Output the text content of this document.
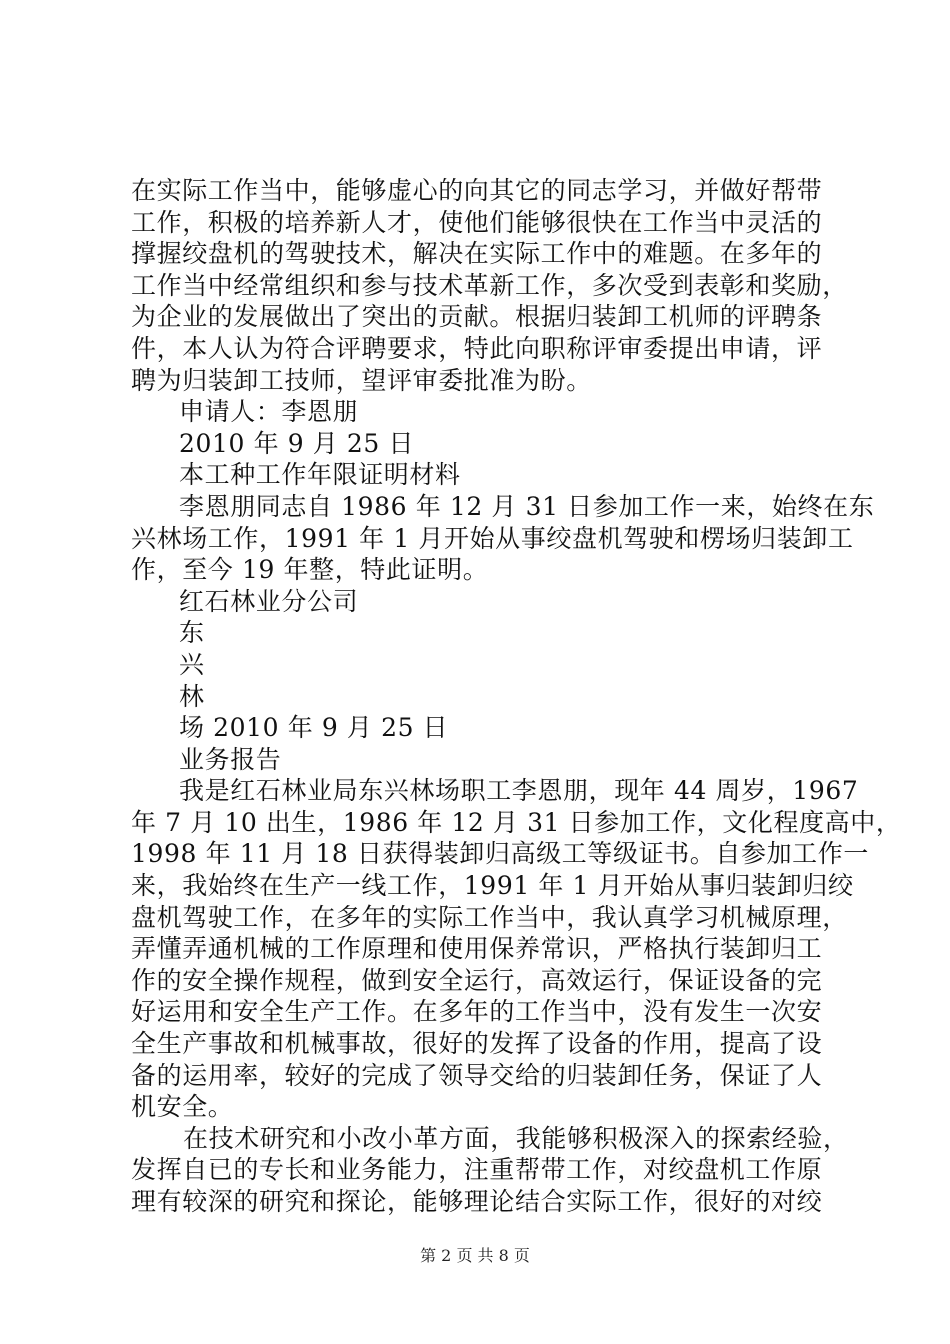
在实际工作当中，能够虚心的向其它的同志学习，并做好帮带
工作，积极的培养新人才，使他们能够很快在工作当中灵活的
撑握绞盘机的驾驶技术，解决在实际工作中的难题。在多年的
工作当中经常组织和参与技术革新工作，多次受到表彰和奖励，
为企业的发展做出了突出的贡献。根据归装卸工机师的评聘条
件，本人认为符合评聘要求，特此向职称评审委提出申请，评
聘为归装卸工技师，望评审委批准为盼。
申请人：李恩朋
2010 年 9 月 25 日
本工种工作年限证明材料
李恩朋同志自 1986 年 12 月 31 日参加工作一来，始终在东
兴林场工作，1991 年 1 月开始从事绞盘机驾驶和楞场归装卸工
作，至今 19 年整，特此证明。
红石林业分公司
东
兴
林
场 2010 年 9 月 25 日
业务报告
我是红石林业局东兴林场职工李恩朋，现年 44 周岁，1967
年 7 月 10 出生，1986 年 12 月 31 日参加工作，文化程度高中，
1998 年 11 月 18 日获得装卸归高级工等级证书。自参加工作一
来，我始终在生产一线工作，1991 年 1 月开始从事归装卸归绞
盘机驾驶工作，在多年的实际工作当中，我认真学习机械原理，
弄懂弄通机械的工作原理和使用保养常识，严格执行装卸归工
作的安全操作规程，做到安全运行，高效运行，保证设备的完
好运用和安全生产工作。在多年的工作当中，没有发生一次安
全生产事故和机械事故，很好的发挥了设备的作用，提高了设
备的运用率，较好的完成了领导交给的归装卸任务，保证了人
机安全。
在技术研究和小改小革方面，我能够积极深入的探索经验，
发挥自已的专长和业务能力，注重帮带工作，对绞盘机工作原
理有较深的研究和探论，能够理论结合实际工作，很好的对绞
第 2 页 共 8 页
